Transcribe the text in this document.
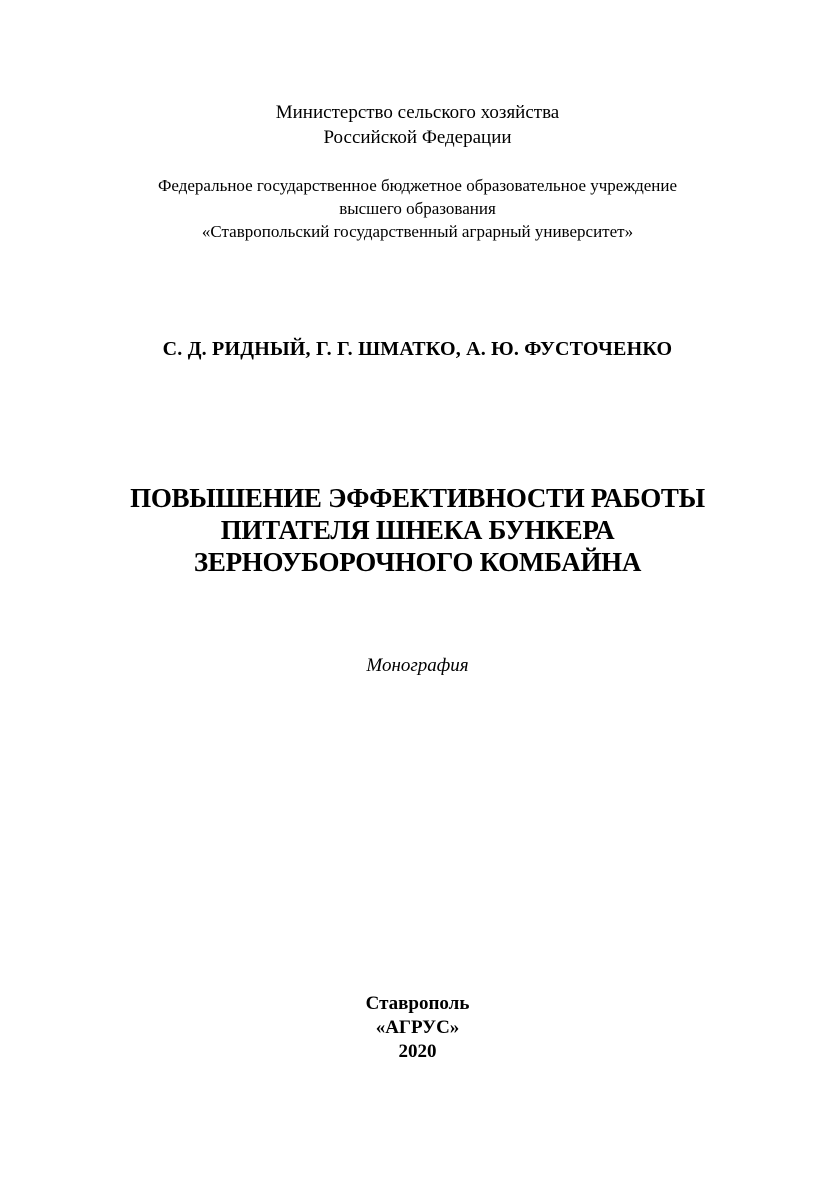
Министерство сельского хозяйства
Российской Федерации
Федеральное государственное бюджетное образовательное учреждение
высшего образования
«Ставропольский государственный аграрный университет»
С. Д. РИДНЫЙ, Г. Г. ШМАТКО, А. Ю. ФУСТОЧЕНКО
ПОВЫШЕНИЕ ЭФФЕКТИВНОСТИ РАБОТЫ
ПИТАТЕЛЯ ШНЕКА БУНКЕРА
ЗЕРНОУБОРОЧНОГО КОМБАЙНА
Монография
Ставрополь
«АГРУС»
2020
